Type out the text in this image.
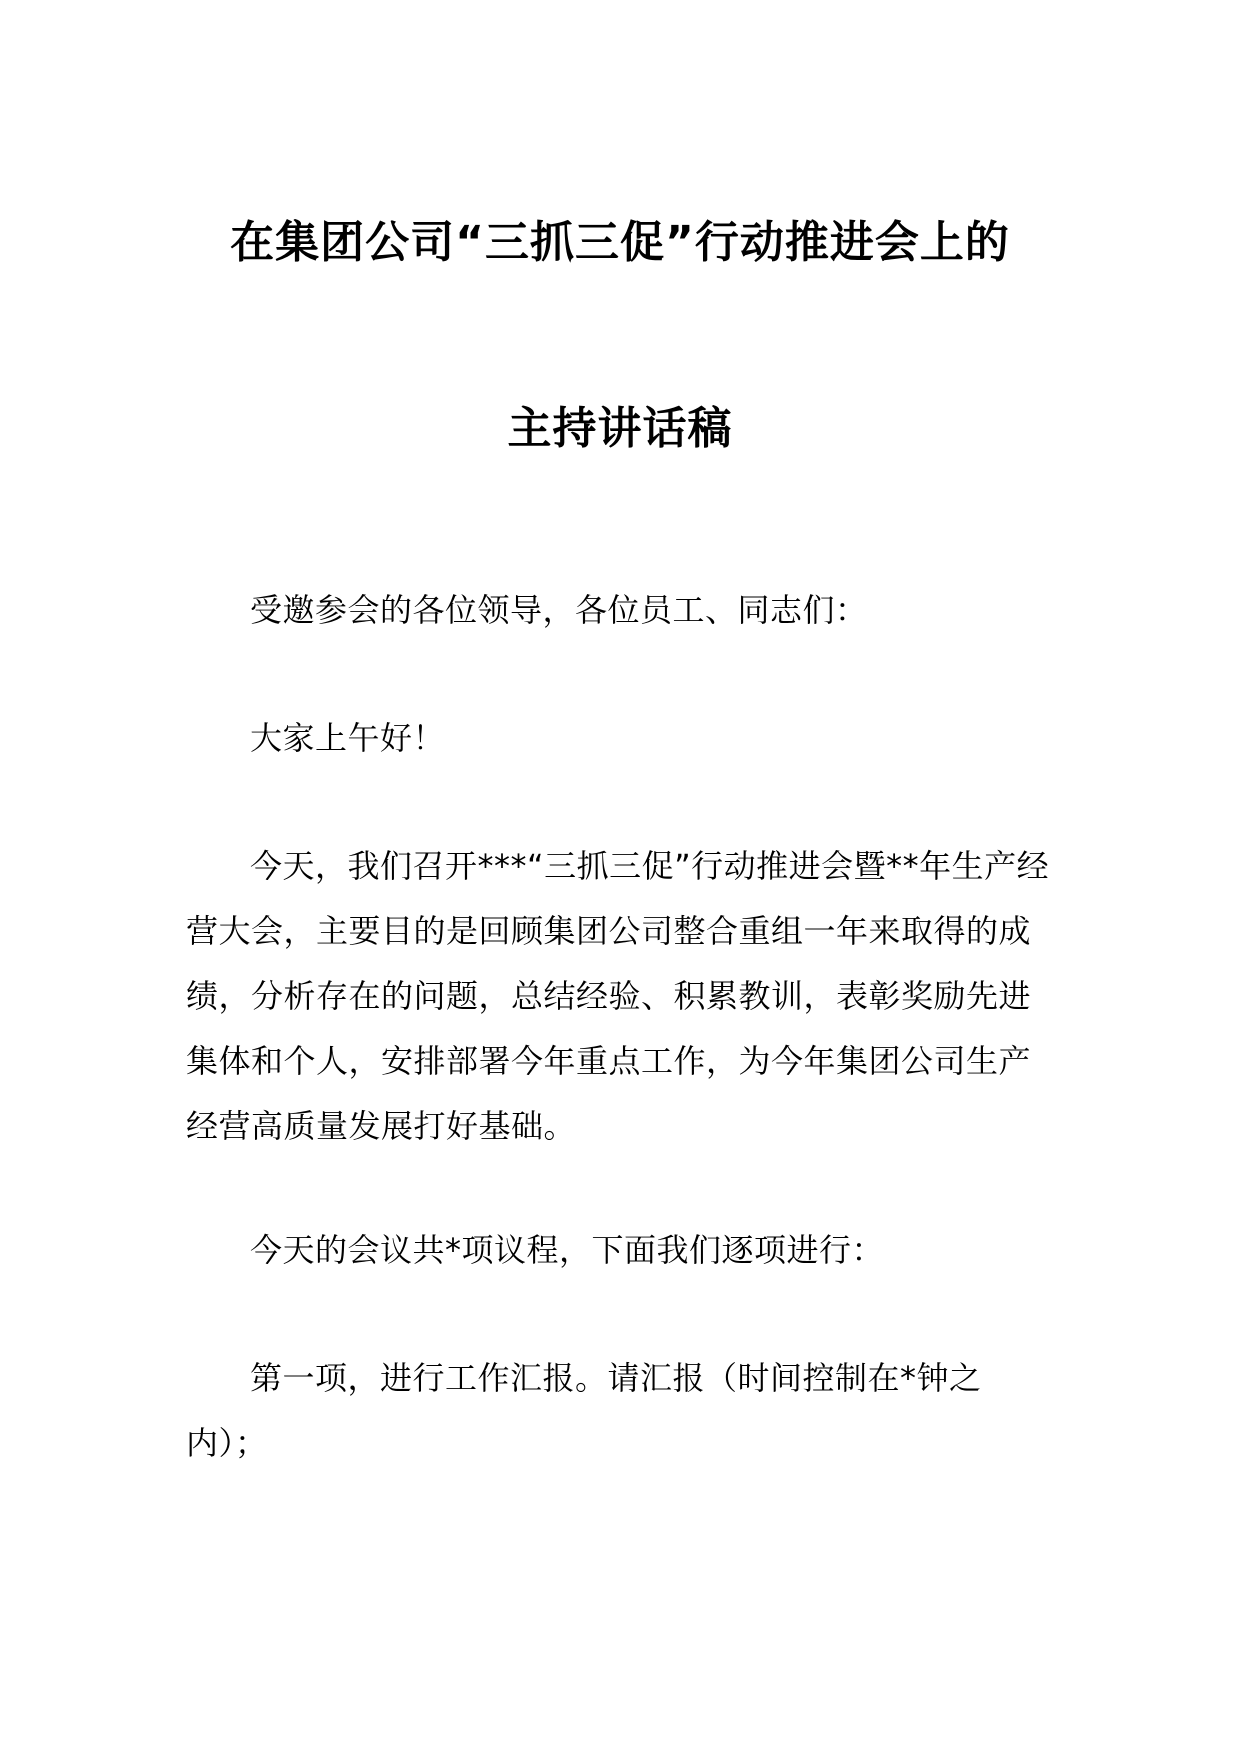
在集团公司“三抓三促”行动推进会上的
主持讲话稿
受邀参会的各位领导，各位员工、同志们：
大家上午好！
今天，我们召开***“三抓三促”行动推进会暨**年生产经营大会，主要目的是回顾集团公司整合重组一年来取得的成绩，分析存在的问题，总结经验、积累教训，表彰奖励先进集体和个人，安排部署今年重点工作，为今年集团公司生产经营高质量发展打好基础。
今天的会议共*项议程，下面我们逐项进行：
第一项，进行工作汇报。请汇报（时间控制在*钟之内）；
